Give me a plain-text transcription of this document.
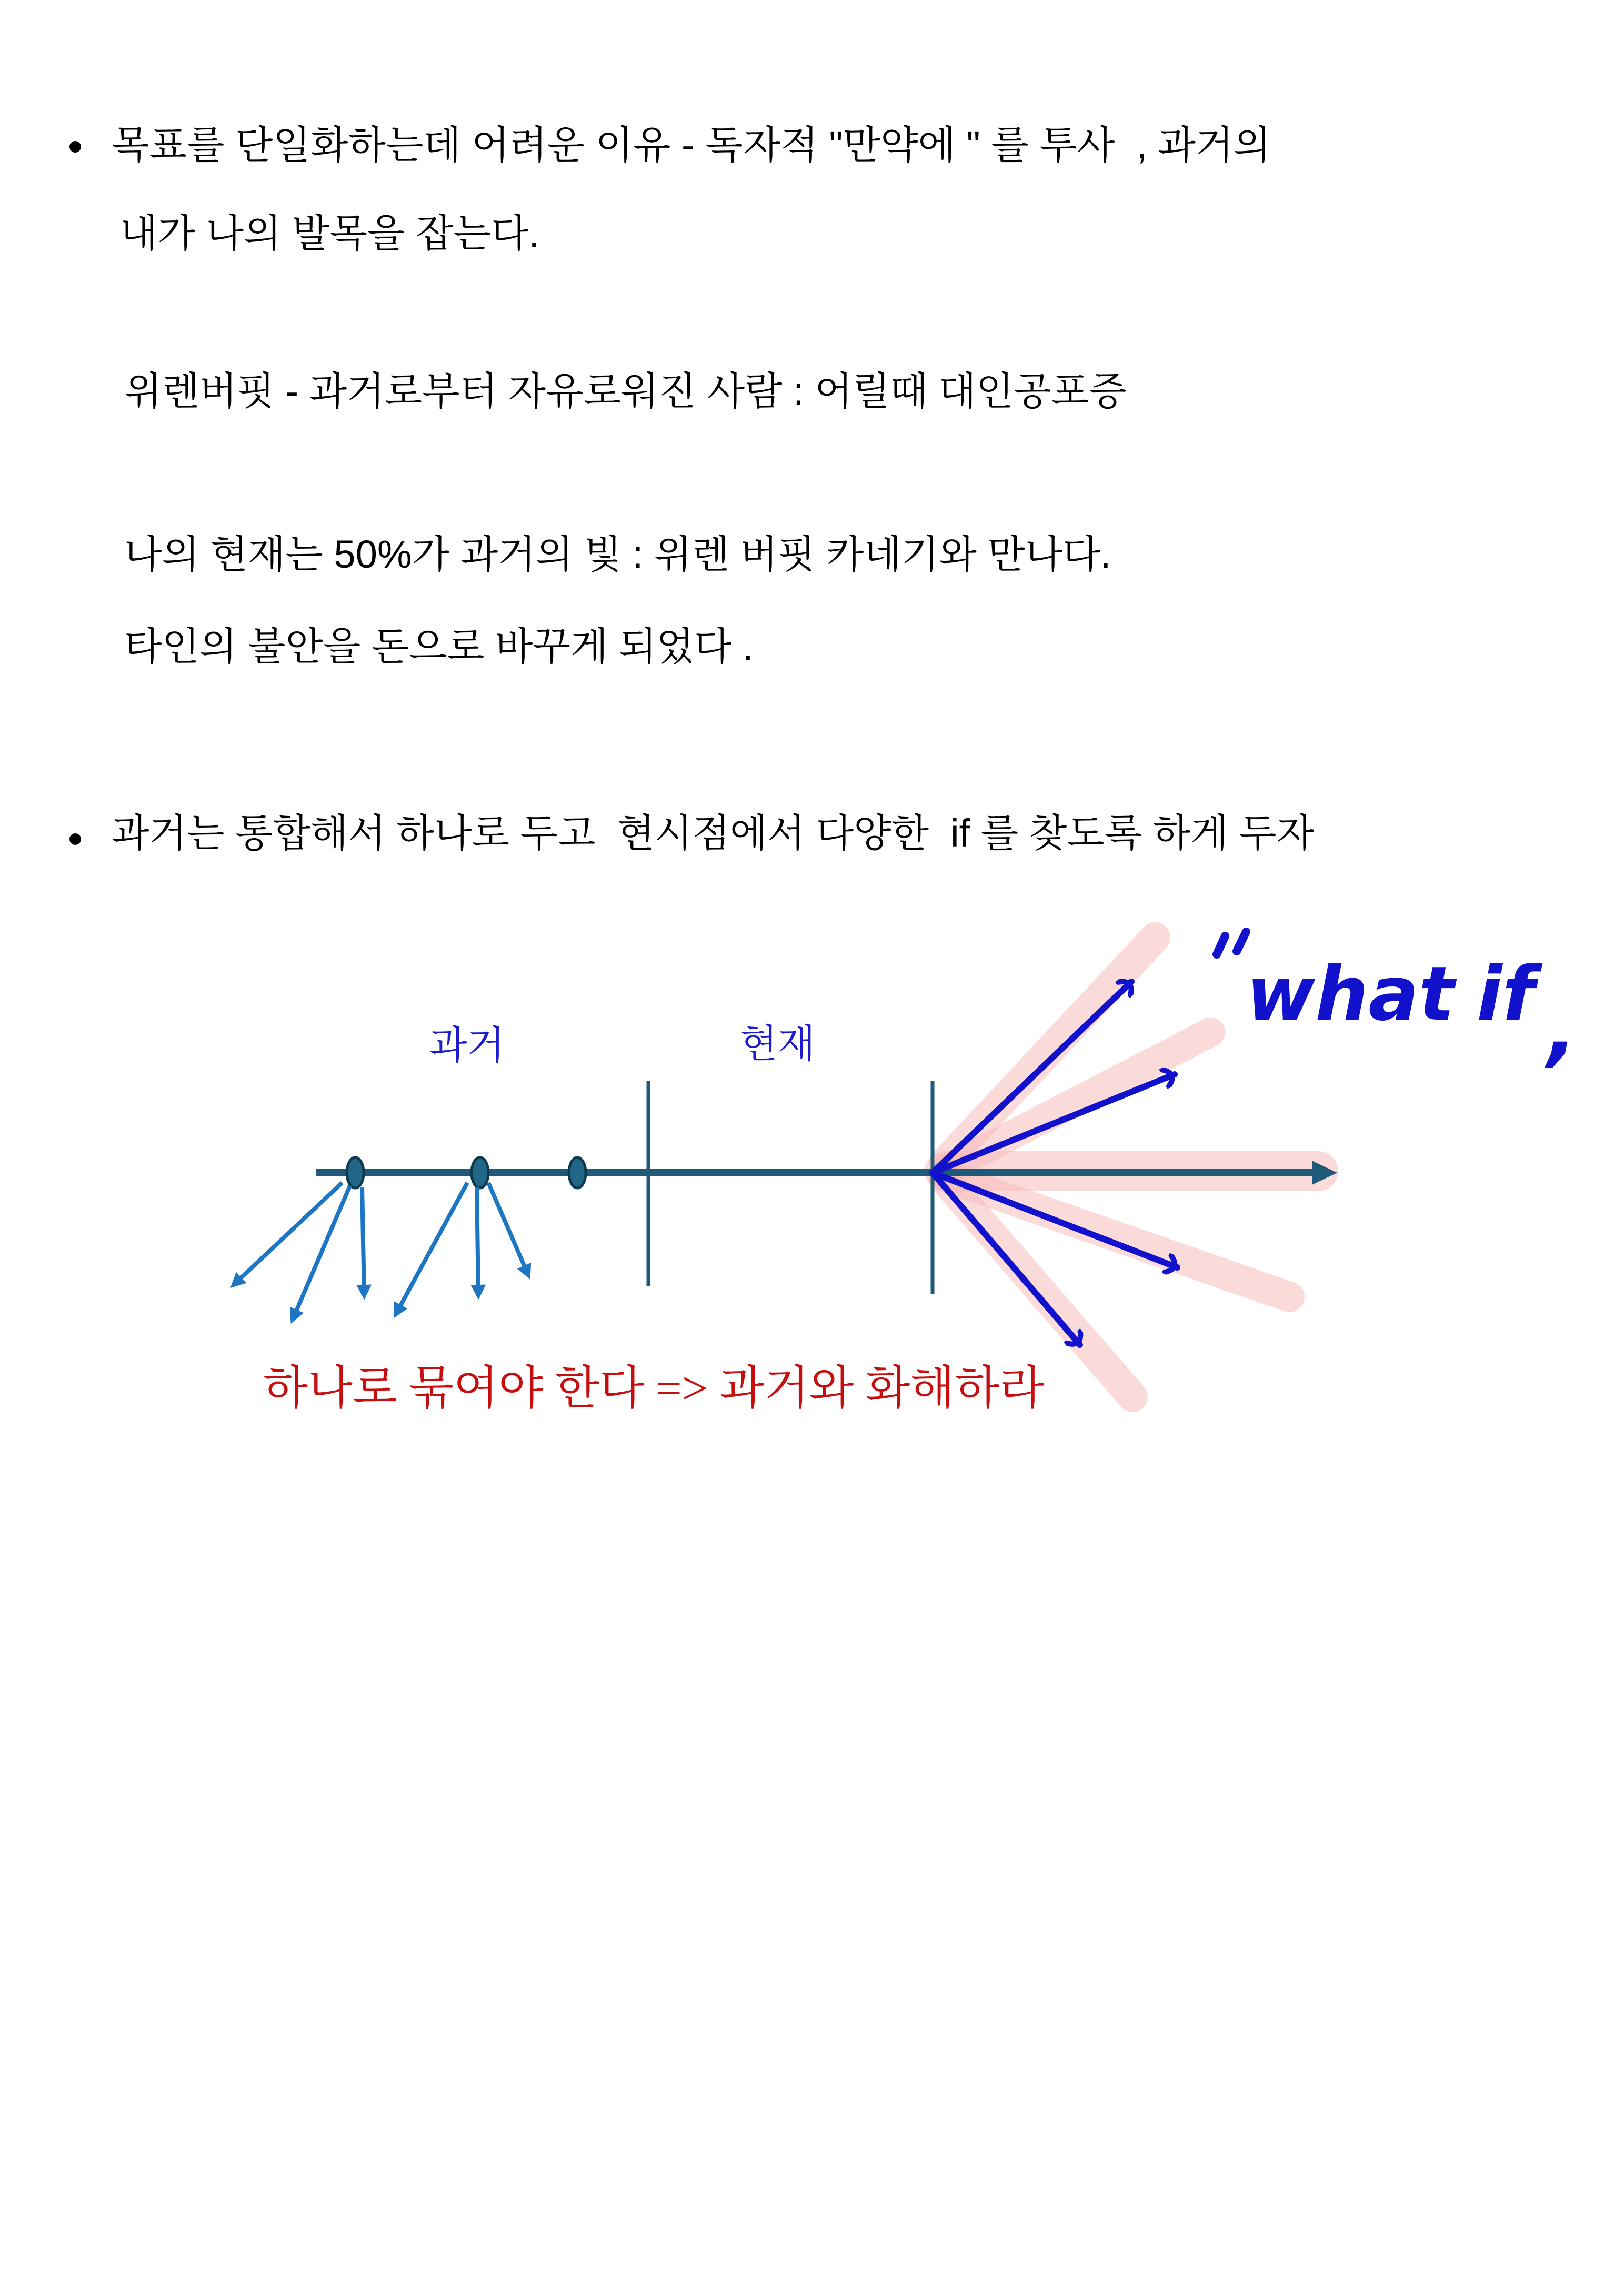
목표를 단일화하는데 어려운 이유 - 독자적 "만약에 " 를 투사  , 과거의
내가 나의 발목을 잡는다.
위렌버핏 - 과거로부터 자유로워진 사람 : 어릴때 대인공포증
나의 현재는 50%가 과거의 빛 : 위렌 버핏 카네기와 만나다.
타인의 불안을 돈으로 바꾸게 되었다 .
과거는 통합해서 하나로 두고  현시점에서 다양한  if 를 찾도록 하게 두자
what if ,
과거	현재
하나로 묶여야 한다 => 과거와 화해하라
